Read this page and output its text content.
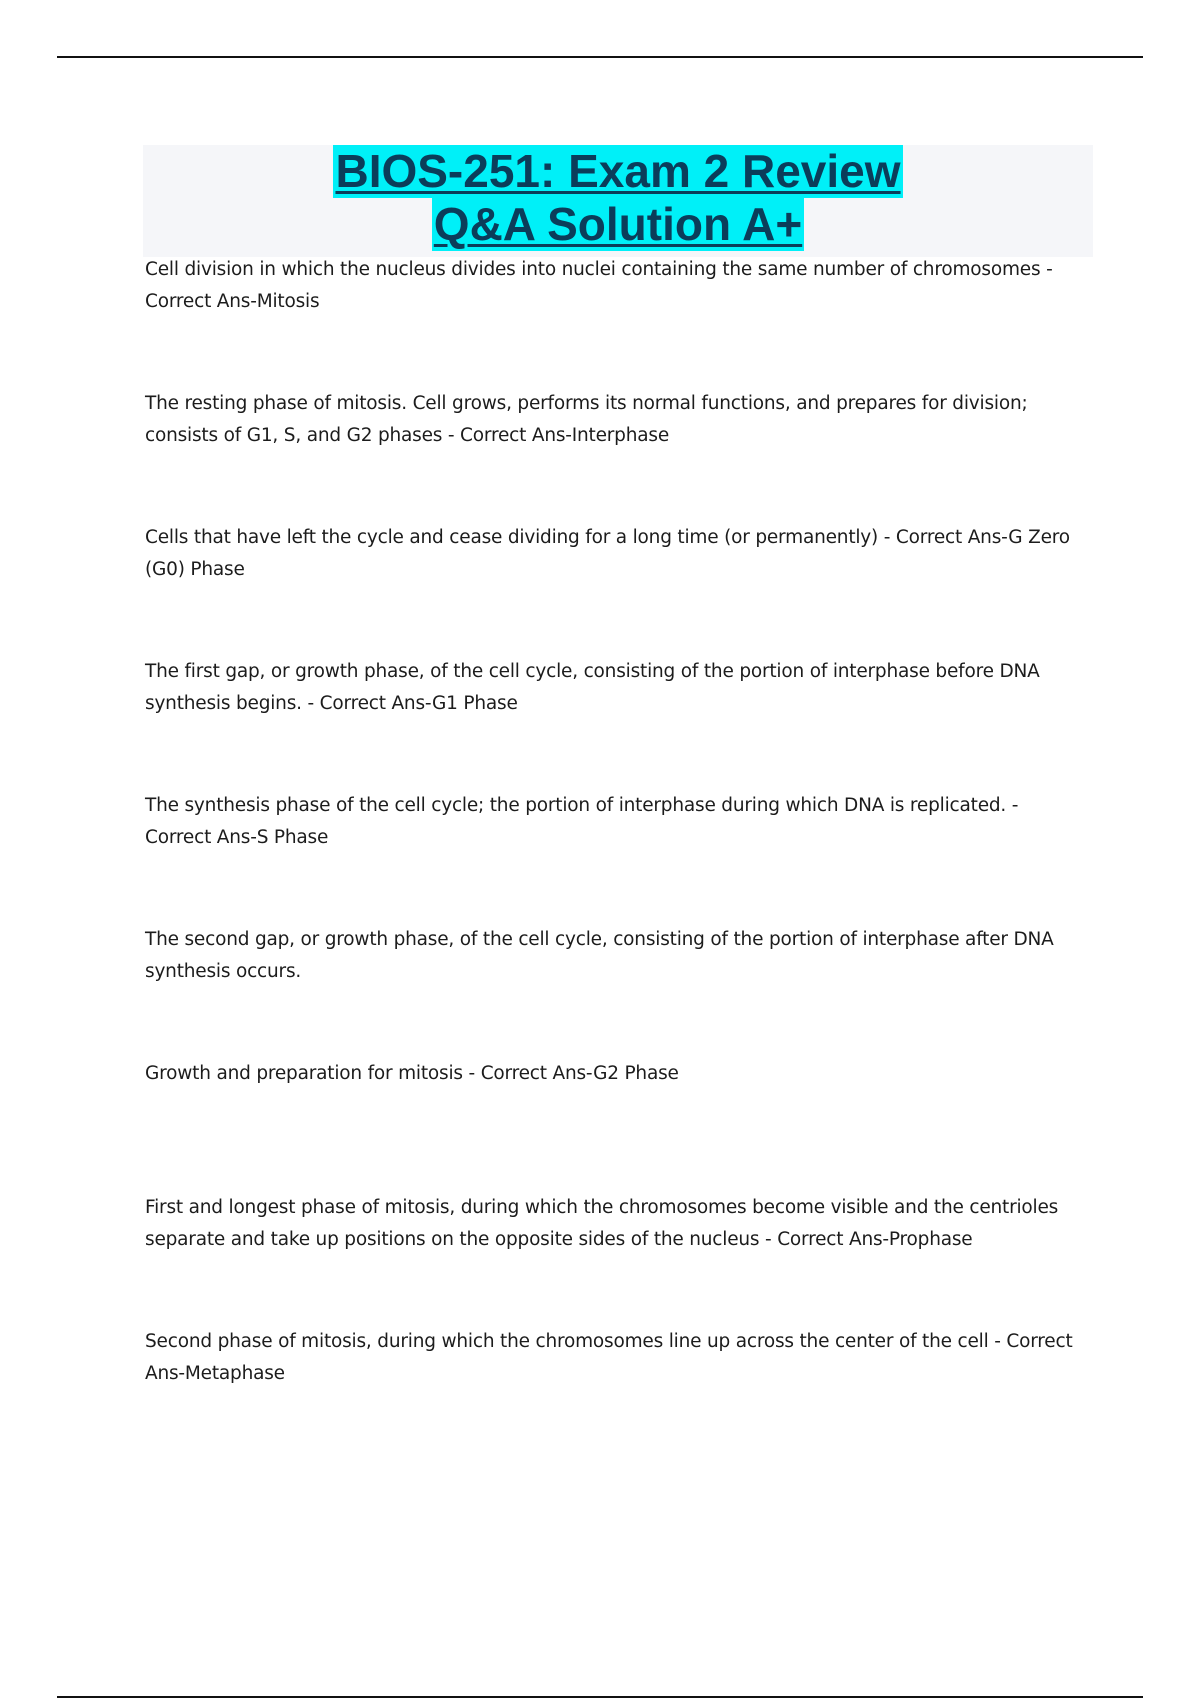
BIOS-251: Exam 2 Review
Q&A Solution A+
Cell division in which the nucleus divides into nuclei containing the same number of chromosomes - Correct Ans-Mitosis
The resting phase of mitosis. Cell grows, performs its normal functions, and prepares for division; consists of G1, S, and G2 phases - Correct Ans-Interphase
Cells that have left the cycle and cease dividing for a long time (or permanently) - Correct Ans-G Zero (G0) Phase
The first gap, or growth phase, of the cell cycle, consisting of the portion of interphase before DNA synthesis begins. - Correct Ans-G1 Phase
The synthesis phase of the cell cycle; the portion of interphase during which DNA is replicated. - Correct Ans-S Phase
The second gap, or growth phase, of the cell cycle, consisting of the portion of interphase after DNA synthesis occurs.
Growth and preparation for mitosis - Correct Ans-G2 Phase
First and longest phase of mitosis, during which the chromosomes become visible and the centrioles separate and take up positions on the opposite sides of the nucleus - Correct Ans-Prophase
Second phase of mitosis, during which the chromosomes line up across the center of the cell - Correct Ans-Metaphase
